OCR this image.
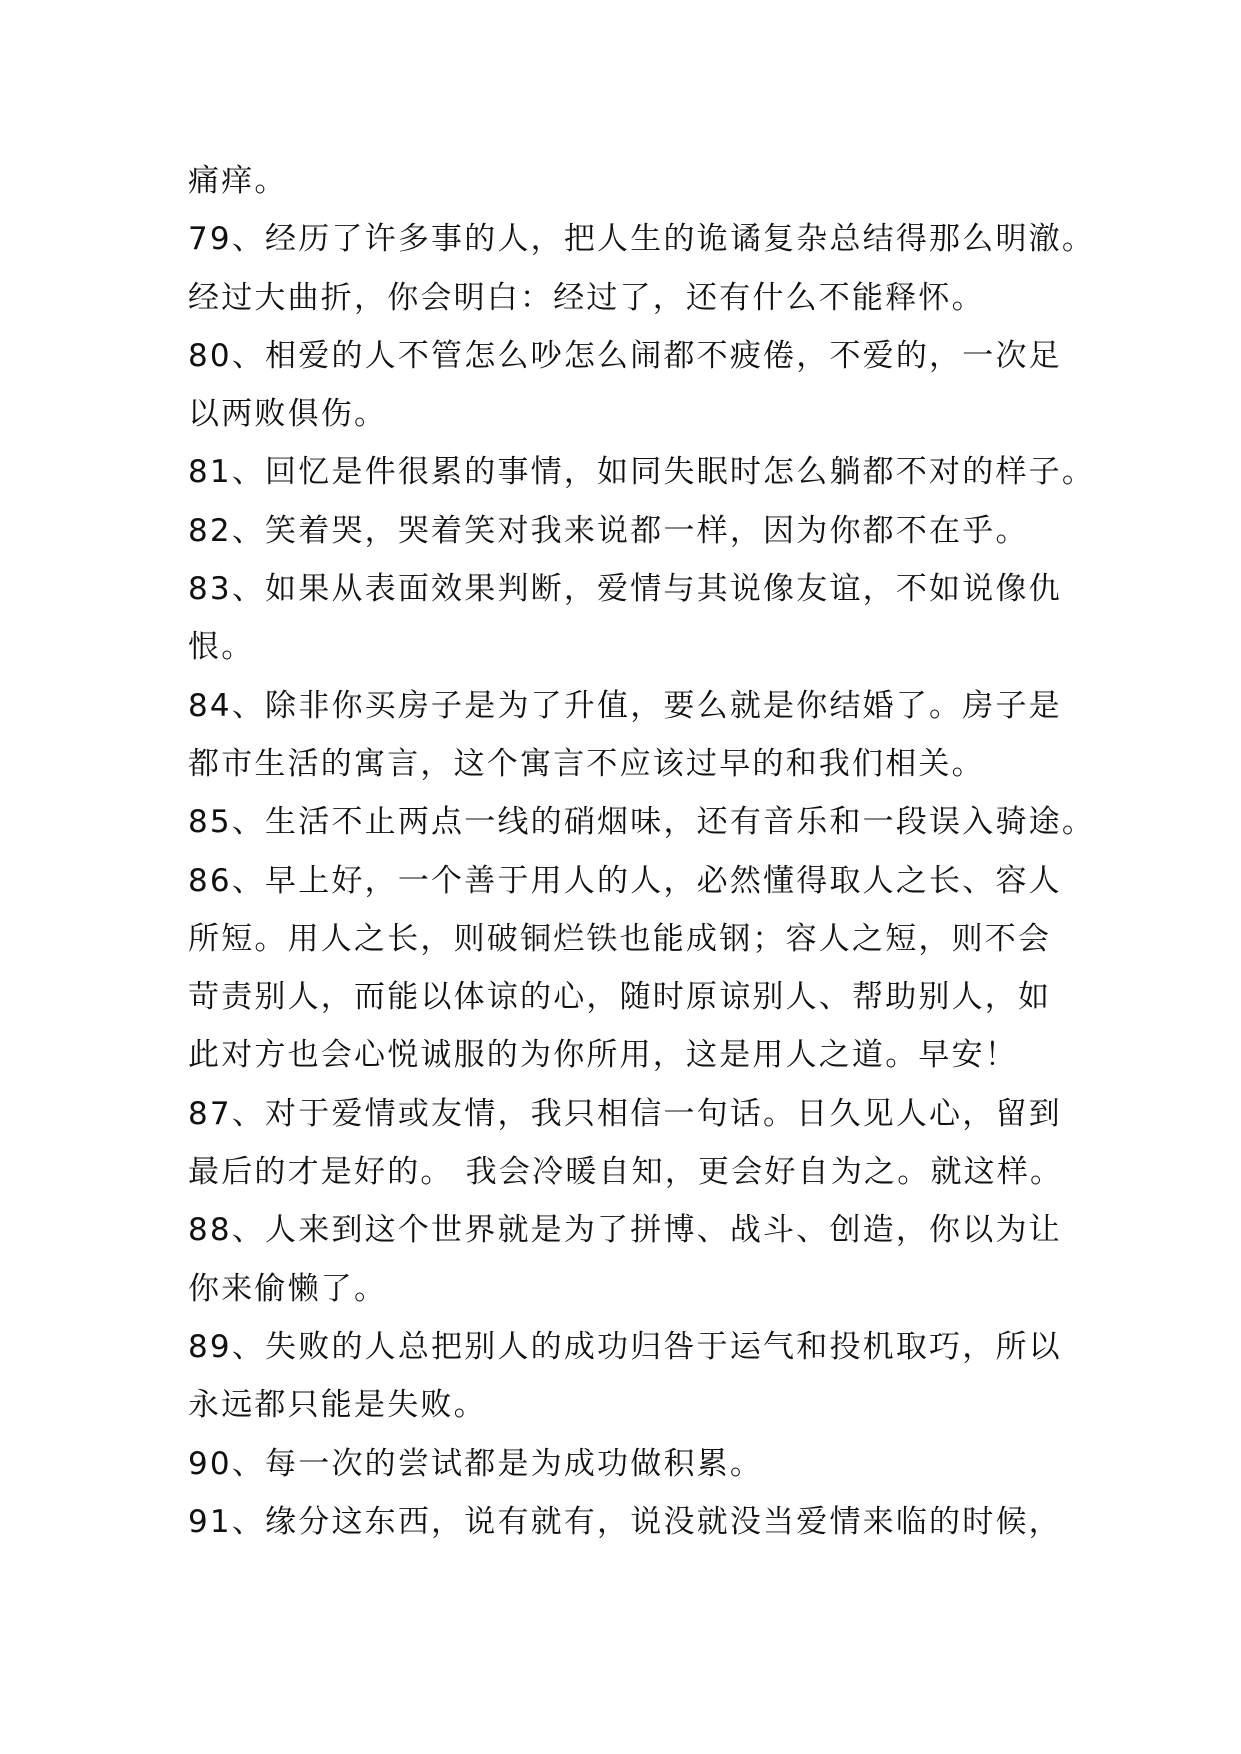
痛痒。
79、经历了许多事的人，把人生的诡谲复杂总结得那么明澈。
经过大曲折，你会明白：经过了，还有什么不能释怀。
80、相爱的人不管怎么吵怎么闹都不疲倦，不爱的，一次足
以两败俱伤。
81、回忆是件很累的事情，如同失眠时怎么躺都不对的样子。
82、笑着哭，哭着笑对我来说都一样，因为你都不在乎。
83、如果从表面效果判断，爱情与其说像友谊，不如说像仇
恨。
84、除非你买房子是为了升值，要么就是你结婚了。房子是
都市生活的寓言，这个寓言不应该过早的和我们相关。
85、生活不止两点一线的硝烟味，还有音乐和一段误入骑途。
86、早上好，一个善于用人的人，必然懂得取人之长、容人
所短。用人之长，则破铜烂铁也能成钢；容人之短，则不会
苛责别人，而能以体谅的心，随时原谅别人、帮助别人，如
此对方也会心悦诚服的为你所用，这是用人之道。早安！
87、对于爱情或友情，我只相信一句话。日久见人心，留到
最后的才是好的。 我会冷暖自知，更会好自为之。就这样。
88、人来到这个世界就是为了拼博、战斗、创造，你以为让
你来偷懒了。
89、失败的人总把别人的成功归咎于运气和投机取巧，所以
永远都只能是失败。
90、每一次的尝试都是为成功做积累。
91、缘分这东西，说有就有，说没就没当爱情来临的时候，
